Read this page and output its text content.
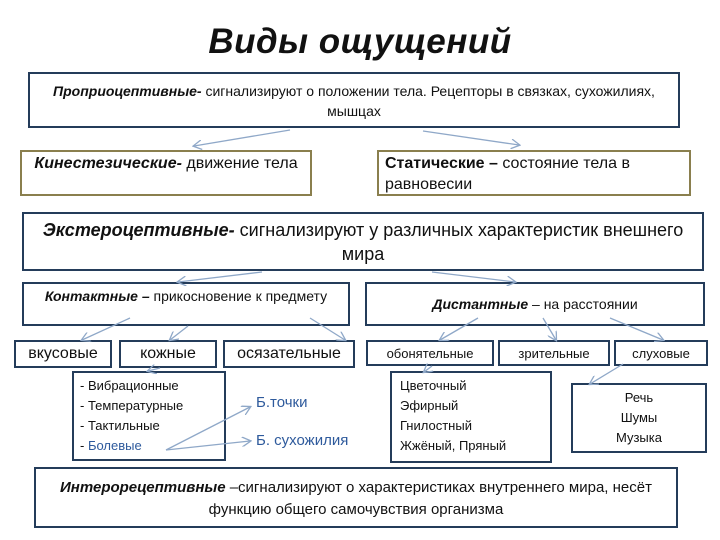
Виды ощущений
Проприоцептивные- сигнализируют о положении тела. Рецепторы в связках, сухожилиях, мышцах
Кинестезические- движение тела	Статические – состояние тела в равновесии
Экстероцептивные- сигнализируют у различных характеристик внешнего мира
Контактные – прикосновение к предмету	Дистантные – на расстоянии
вкусовые	кожные	осязательные	обонятельные	зрительные	слуховые
- Вибрационные
- Температурные
- Тактильные
- Болевые
Б.точки
Б. сухожилия
Цветочный
Эфирный
Гнилостный
Жжёный, Пряный
Речь
Шумы
Музыка
Интерорецептивные –сигнализируют о характеристиках внутреннего мира, несёт функцию общего самочувствия организма
